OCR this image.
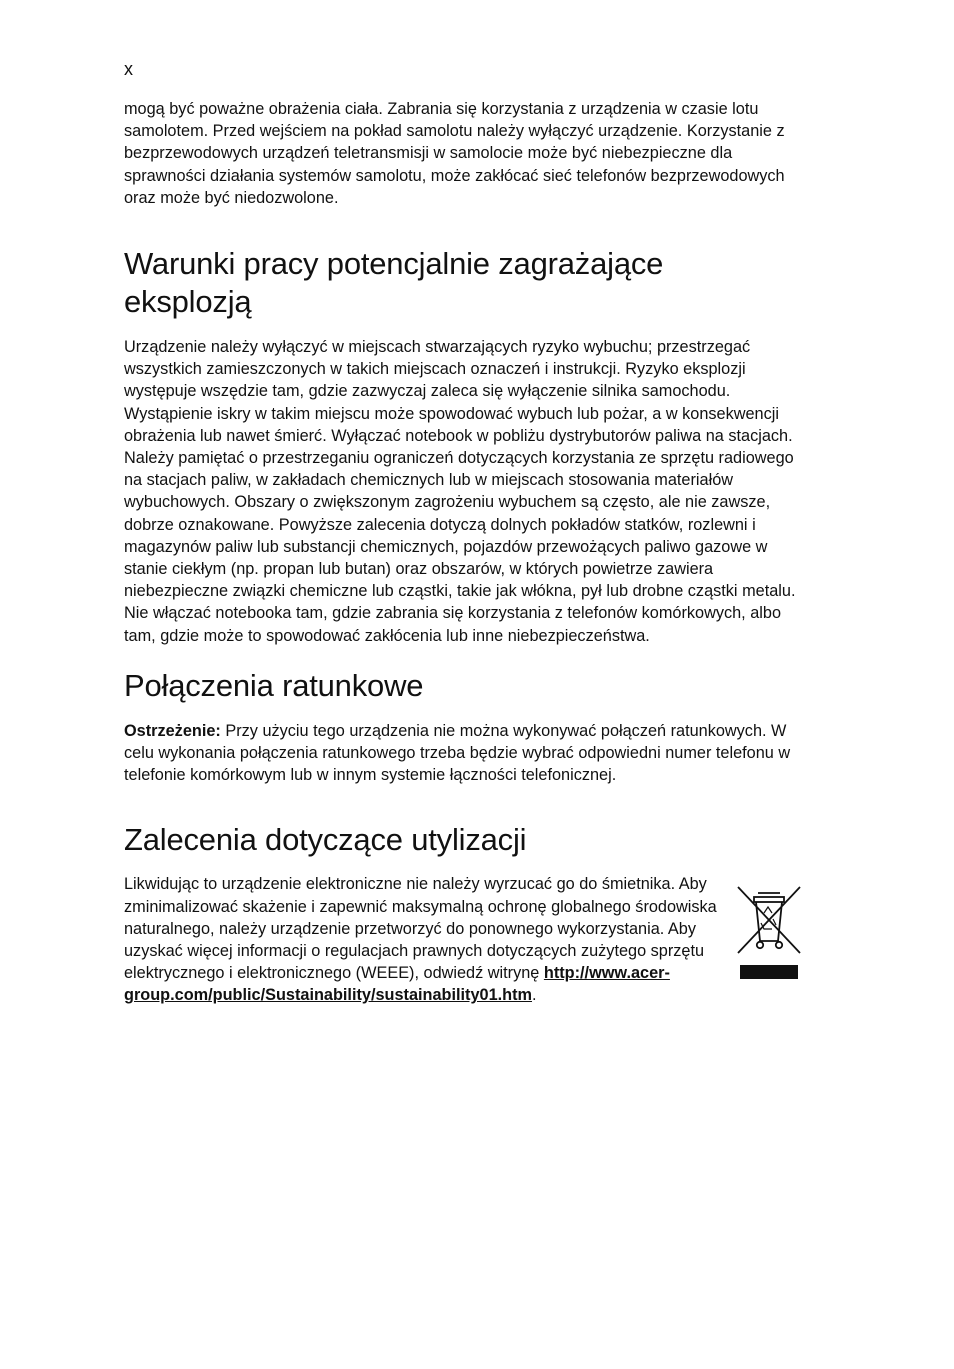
x

mogą być poważne obrażenia ciała. Zabrania się korzystania z urządzenia w czasie lotu samolotem. Przed wejściem na pokład samolotu należy wyłączyć urządzenie. Korzystanie z bezprzewodowych urządzeń teletransmisji w samolocie może być niebezpieczne dla sprawności działania systemów samolotu, może zakłócać sieć telefonów bezprzewodowych oraz może być niedozwolone.

Warunki pracy potencjalnie zagrażające
eksplozją

Urządzenie należy wyłączyć w miejscach stwarzających ryzyko wybuchu; przestrzegać wszystkich zamieszczonych w takich miejscach oznaczeń i instrukcji. Ryzyko eksplozji występuje wszędzie tam, gdzie zazwyczaj zaleca się wyłączenie silnika samochodu. Wystąpienie iskry w takim miejscu może spowodować wybuch lub pożar, a w konsekwencji obrażenia lub nawet śmierć. Wyłączać notebook w pobliżu dystrybutorów paliwa na stacjach. Należy pamiętać o przestrzeganiu ograniczeń dotyczących korzystania ze sprzętu radiowego na stacjach paliw, w zakładach chemicznych lub w miejscach stosowania materiałów wybuchowych. Obszary o zwiększonym zagrożeniu wybuchem są często, ale nie zawsze, dobrze oznakowane. Powyższe zalecenia dotyczą dolnych pokładów statków, rozlewni i magazynów paliw lub substancji chemicznych, pojazdów przewożących paliwo gazowe w stanie ciekłym (np. propan lub butan) oraz obszarów, w których powietrze zawiera niebezpieczne związki chemiczne lub cząstki, takie jak włókna, pył lub drobne cząstki metalu. Nie włączać notebooka tam, gdzie zabrania się korzystania z telefonów komórkowych, albo tam, gdzie może to spowodować zakłócenia lub inne niebezpieczeństwa.

Połączenia ratunkowe

Ostrzeżenie: Przy użyciu tego urządzenia nie można wykonywać połączeń ratunkowych. W celu wykonania połączenia ratunkowego trzeba będzie wybrać odpowiedni numer telefonu w telefonie komórkowym lub w innym systemie łączności telefonicznej.

Zalecenia dotyczące utylizacji

Likwidując to urządzenie elektroniczne nie należy wyrzucać go do śmietnika. Aby zminimalizować skażenie i zapewnić maksymalną ochronę globalnego środowiska naturalnego, należy urządzenie przetworzyć do ponownego wykorzystania. Aby uzyskać więcej informacji o regulacjach prawnych dotyczących zużytego sprzętu elektrycznego i elektronicznego (WEEE), odwiedź witrynę http://www.acer-group.com/public/Sustainability/sustainability01.htm.
